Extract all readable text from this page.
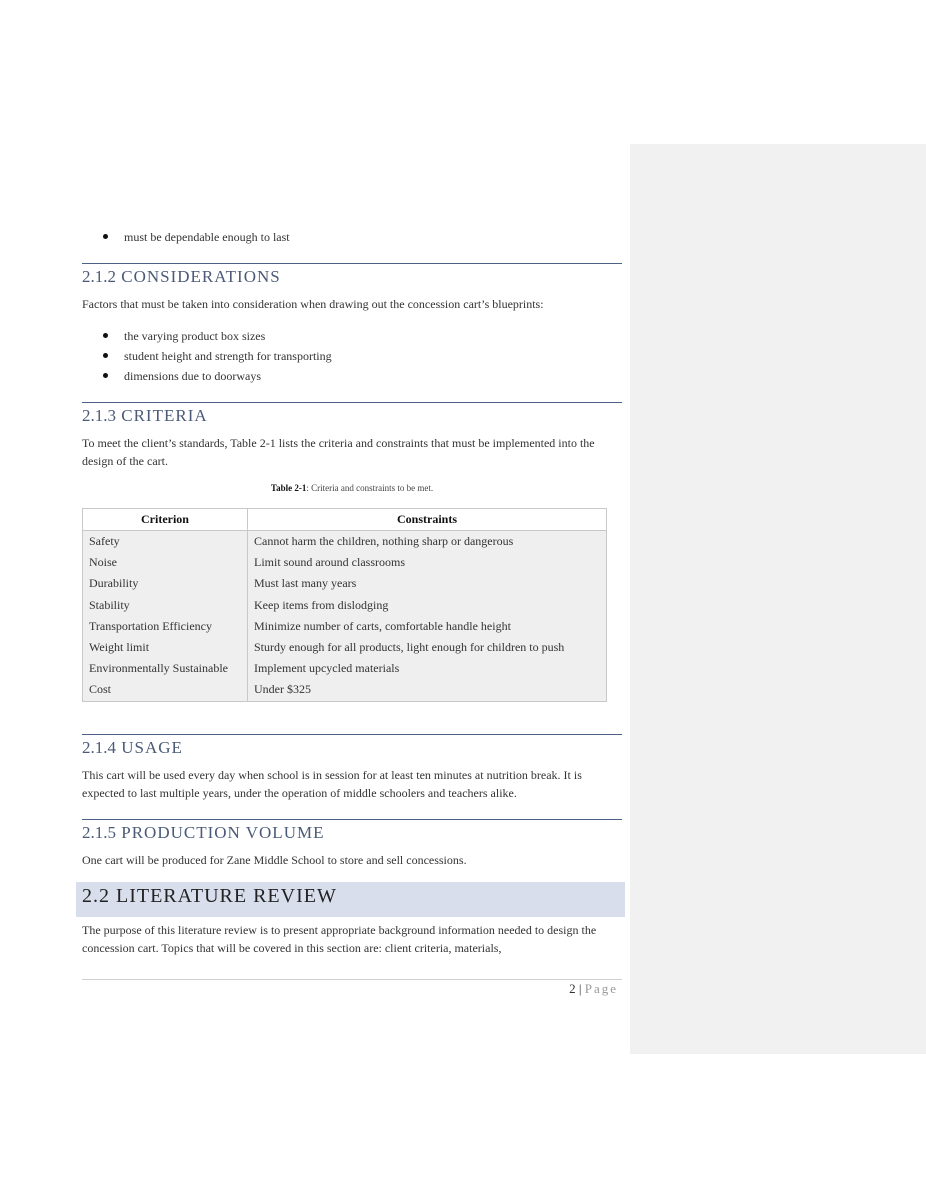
must be dependable enough to last
2.1.2 CONSIDERATIONS

Factors that must be taken into consideration when drawing out the concession cart’s blueprints:

the varying product box sizes
student height and strength for transporting
dimensions due to doorways
2.1.3 CRITERIA

To meet the client’s standards, Table 2-1 lists the criteria and constraints that must be implemented into the design of the cart.

Table 2-1: Criteria and constraints to be met.

Criterion	Constraints
Safety	Cannot harm the children, nothing sharp or dangerous
Noise	Limit sound around classrooms
Durability	Must last many years
Stability	Keep items from dislodging
Transportation Efficiency	Minimize number of carts, comfortable handle height
Weight limit	Sturdy enough for all products, light enough for children to push
Environmentally Sustainable	Implement upcycled materials
Cost	Under $325
2.1.4 USAGE

This cart will be used every day when school is in session for at least ten minutes at nutrition break. It is expected to last multiple years, under the operation of middle schoolers and teachers alike.

2.1.5 PRODUCTION VOLUME

One cart will be produced for Zane Middle School to store and sell concessions.

2.2 LITERATURE REVIEW

The purpose of this literature review is to present appropriate background information needed to design the concession cart. Topics that will be covered in this section are: client criteria, materials,

2 | Page
